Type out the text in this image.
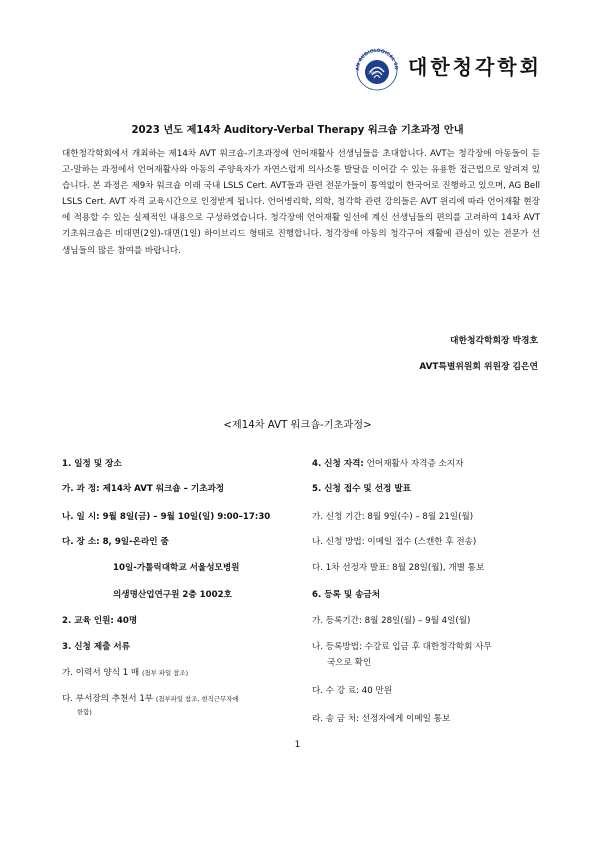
AN AUDIOLOGICAL SO
1986 대한청각학회
2023 년도 제14차 Auditory-Verbal Therapy 워크숍 기초과정 안내

대한청각학회에서 개최하는 제14차 AVT 워크숍-기초과정에 언어재활사 선생님들을 초대합니다. AVT는 청각장애 아동들이 듣고-말하는 과정에서 언어재활사와 아동의 주양육자가 자연스럽게 의사소통 발달을 이어갈 수 있는 유용한 접근법으로 알려져 있습니다. 본 과정은 제9차 워크숍 이래 국내 LSLS Cert. AVT들과 관련 전문가들이 통역없이 한국어로 진행하고 있으며, AG Bell LSLS Cert. AVT 자격 교육시간으로 인정받게 됩니다. 언어병리학, 의학, 청각학 관련 강의들은 AVT 원리에 따라 언어재활 현장에 적용할 수 있는 실제적인 내용으로 구성하였습니다. 청각장애 언어재활 일선에 계신 선생님들의 편의를 고려하여 14차 AVT 기초워크숍은 비대면(2일)-대면(1일) 하이브리드 형태로 진행합니다. 청각장애 아동의 청각구어 재활에 관심이 있는 전문가 선생님들의 많은 참여를 바랍니다.

대한청각학회장 박경호
AVT특별위원회 위원장 김은연
<제14차 AVT 워크숍-기초과정>
1. 일정 및 장소
가. 과 정: 제14차 AVT 워크숍 – 기초과정
나. 일 시: 9월 8일(금) – 9월 10일(일) 9:00–17:30
다. 장 소: 8, 9일-온라인 줌
10일-가톨릭대학교 서울성모병원
의생명산업연구원 2층 1002호
2. 교육 인원: 40명
3. 신청 제출 서류
가. 이력서 양식 1 매 (첨부 파일 참조)
다. 부서장의 추천서 1부 (첨부파일 참조, 현직근무자에
한함)
4. 신청 자격: 언어재활사 자격증 소지자
5. 신청 접수 및 선정 발표
가. 신청 기간: 8월 9일(수) – 8월 21일(월)
나. 신청 방법: 이메일 접수 (스캔한 후 전송)
다. 1차 선정자 발표: 8월 28일(월), 개별 통보
6. 등록 및 송금처
가. 등록기간: 8월 28일(월) – 9월 4일(월)
나. 등록방법: 수강료 입금 후 대한청각학회 사무
국으로 확인
다. 수 강 료: 40 만원
라. 송 금 처: 선정자에게 이메일 통보
1
